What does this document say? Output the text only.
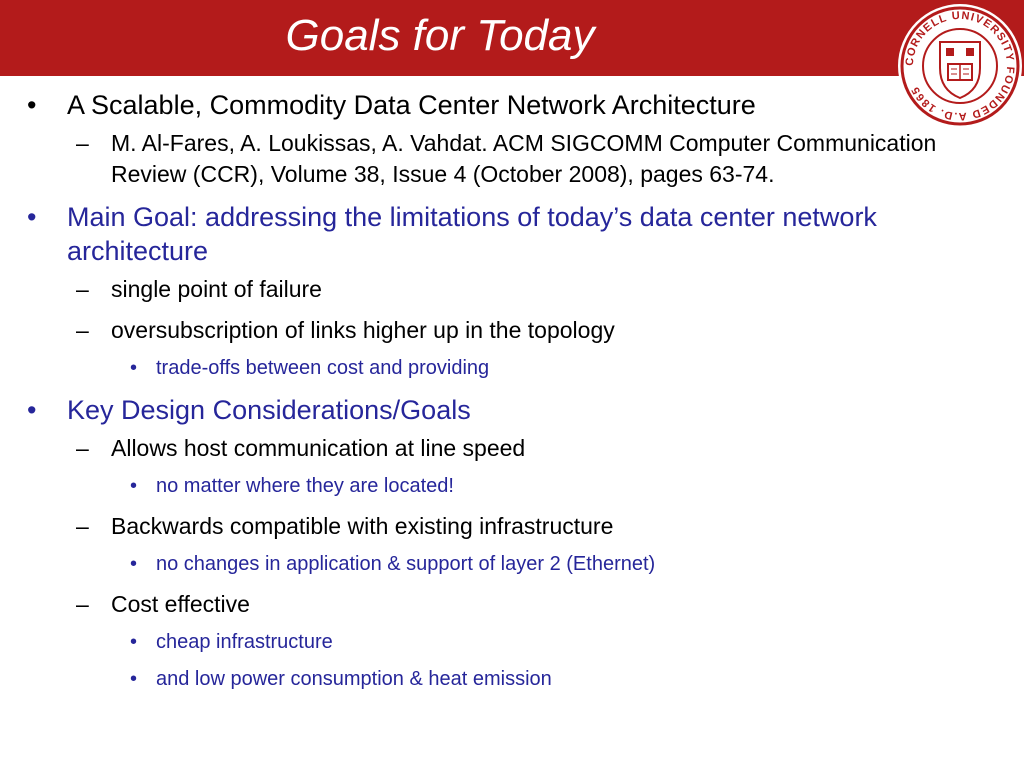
Goals for Today
CORNELL UNIVERSITY FOUNDED A.D. 1865
• A Scalable, Commodity Data Center Network Architecture
– M. Al-Fares, A. Loukissas, A. Vahdat. ACM SIGCOMM Computer Communication Review (CCR), Volume 38, Issue 4 (October 2008), pages 63-74.
• Main Goal: addressing the limitations of today’s data center network architecture
– single point of failure
– oversubscription of links higher up in the topology
• trade-offs between cost and providing
• Key Design Considerations/Goals
– Allows host communication at line speed
• no matter where they are located!
– Backwards compatible with existing infrastructure
• no changes in application & support of layer 2 (Ethernet)
– Cost effective
• cheap infrastructure
• and low power consumption & heat emission
